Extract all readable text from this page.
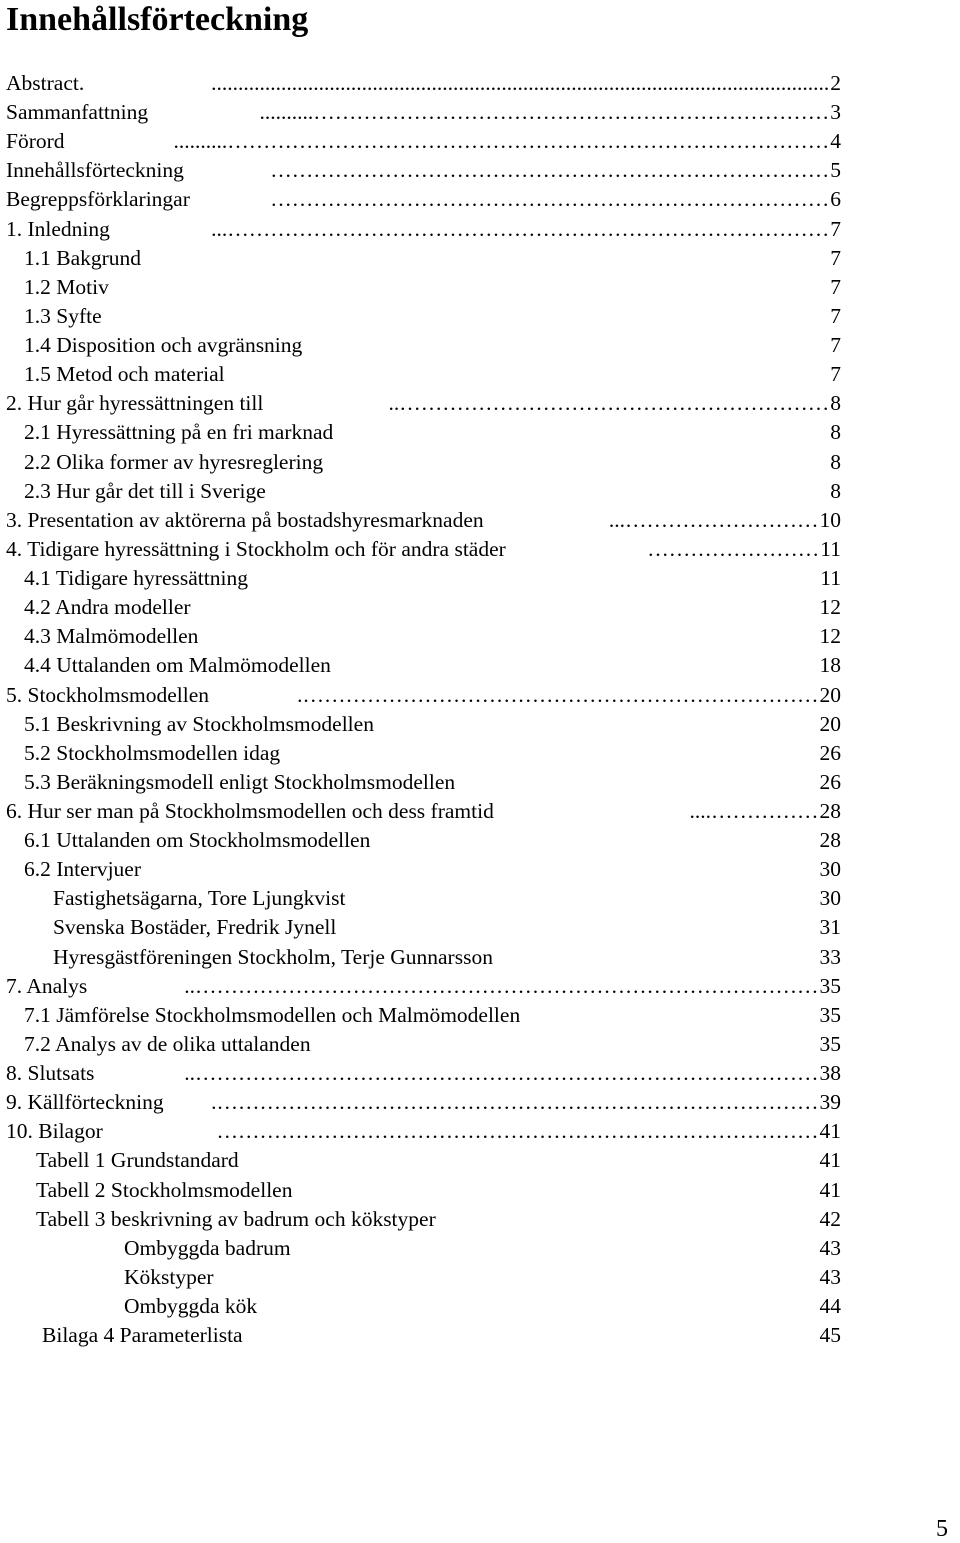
Innehållsförteckning
Abstract.	2
...................................................................................................................
Sammanfattning	3
………………………………………………………………..........
Förord	4
…………………………………………………………………………..........
Innehållsförteckning	5
……………………………………………………………………
Begreppsförklaringar	6
……………………………………………………………………
1. Inledning	7
…………………………………………………………………………...
1.1 Bakgrund	7
1.2 Motiv	7
1.3 Syfte	7
1.4 Disposition och avgränsning	7
1.5 Metod och material	7
2. Hur går hyressättningen till	8
……………………………………………………..
2.1 Hyressättning på en fri marknad	8
2.2 Olika former av hyresreglering	8
2.3 Hur går det till i Sverige	8
3. Presentation av aktörerna på bostadshyresmarknaden	10
………………………...
4. Tidigare hyressättning i Stockholm och för andra städer	11
……………………
4.1 Tidigare hyressättning	11
4.2 Andra modeller	12
4.3 Malmömodellen	12
4.4 Uttalanden om Malmömodellen	18
5. Stockholmsmodellen	20
……………………………………………………………….
5.1 Beskrivning av Stockholmsmodellen	20
5.2 Stockholmsmodellen idag	26
5.3 Beräkningsmodell enligt Stockholmsmodellen	26
6. Hur ser man på Stockholmsmodellen och dess framtid	28
……………....
6.1 Uttalanden om Stockholmsmodellen	28
6.2 Intervjuer	30
Fastighetsägarna, Tore Ljungkvist	30
Svenska Bostäder, Fredrik Jynell	31
Hyresgästföreningen Stockholm, Terje Gunnarsson	33
7. Analys	35
……………………………………………………………………………..
7.1 Jämförelse Stockholmsmodellen och Malmömodellen	35
7.2 Analys av de olika uttalanden	35
8. Slutsats	38
……………………………………………………………………………..
9. Källförteckning	39
………………………………………………………………………….
10. Bilagor	41
…………………………………………………………………………
Tabell 1 Grundstandard	41
Tabell 2 Stockholmsmodellen	41
Tabell 3 beskrivning av badrum och kökstyper	42
Ombyggda badrum	43
Kökstyper	43
Ombyggda kök	44
Bilaga 4 Parameterlista	45
5
